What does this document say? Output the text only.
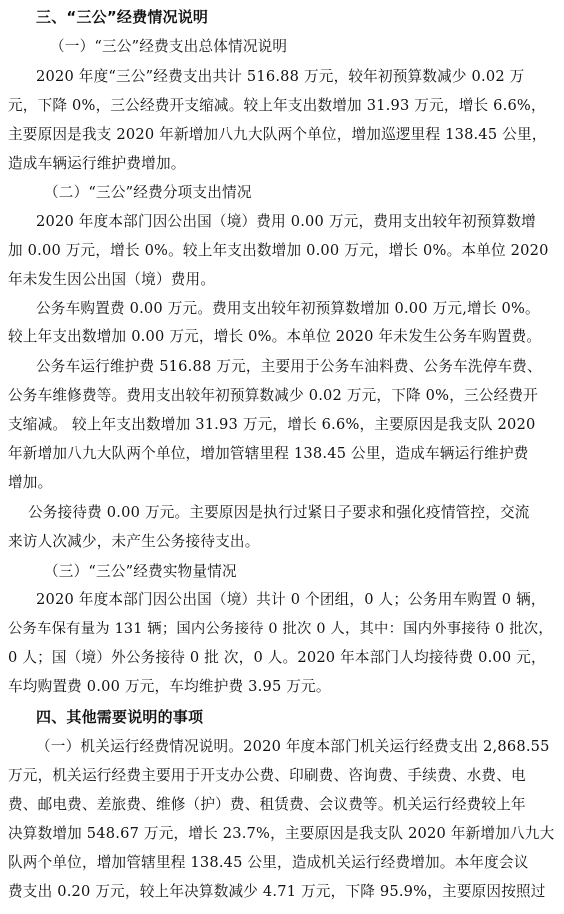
三、“三公”经费情况说明
（一）“三公”经费支出总体情况说明
2020 年度“三公”经费支出共计 516.88 万元，较年初预算数减少 0.02 万
元，下降 0%，三公经费开支缩减。较上年支出数增加 31.93 万元，增长 6.6%，
主要原因是我支 2020 年新增加八九大队两个单位，增加巡逻里程 138.45 公里，
造成车辆运行维护费增加。
（二）“三公”经费分项支出情况
2020 年度本部门因公出国（境）费用 0.00 万元，费用支出较年初预算数增
加 0.00 万元，增长 0%。较上年支出数增加 0.00 万元，增长 0%。本单位 2020
年未发生因公出国（境）费用。
公务车购置费 0.00 万元。费用支出较年初预算数增加 0.00 万元,增长 0%。
较上年支出数增加 0.00 万元，增长 0%。本单位 2020 年未发生公务车购置费。
公务车运行维护费 516.88 万元，主要用于公务车油料费、公务车洗停车费、
公务车维修费等。费用支出较年初预算数减少 0.02 万元，下降 0%，三公经费开
支缩减。 较上年支出数增加 31.93 万元，增长 6.6%，主要原因是我支队 2020
年新增加八九大队两个单位，增加管辖里程 138.45 公里，造成车辆运行维护费
增加。
公务接待费 0.00 万元。主要原因是执行过紧日子要求和强化疫情管控，交流
来访人次减少，未产生公务接待支出。
（三）“三公”经费实物量情况
2020 年度本部门因公出国（境）共计 0 个团组，0 人；公务用车购置 0 辆，
公务车保有量为 131 辆；国内公务接待 0 批次 0 人，其中：国内外事接待 0 批次，
0 人；国（境）外公务接待 0 批 次，0 人。2020 年本部门人均接待费 0.00 元，
车均购置费 0.00 万元，车均维护费 3.95 万元。
四、其他需要说明的事项
（一）机关运行经费情况说明。2020 年度本部门机关运行经费支出 2,868.55
万元，机关运行经费主要用于开支办公费、印刷费、咨询费、手续费、水费、电
费、邮电费、差旅费、维修（护）费、租赁费、会议费等。机关运行经费较上年
决算数增加 548.67 万元，增长 23.7%，主要原因是我支队 2020 年新增加八九大
队两个单位，增加管辖里程 138.45 公里，造成机关运行经费增加。本年度会议
费支出 0.20 万元，较上年决算数减少 4.71 万元，下降 95.9%，主要原因按照过
